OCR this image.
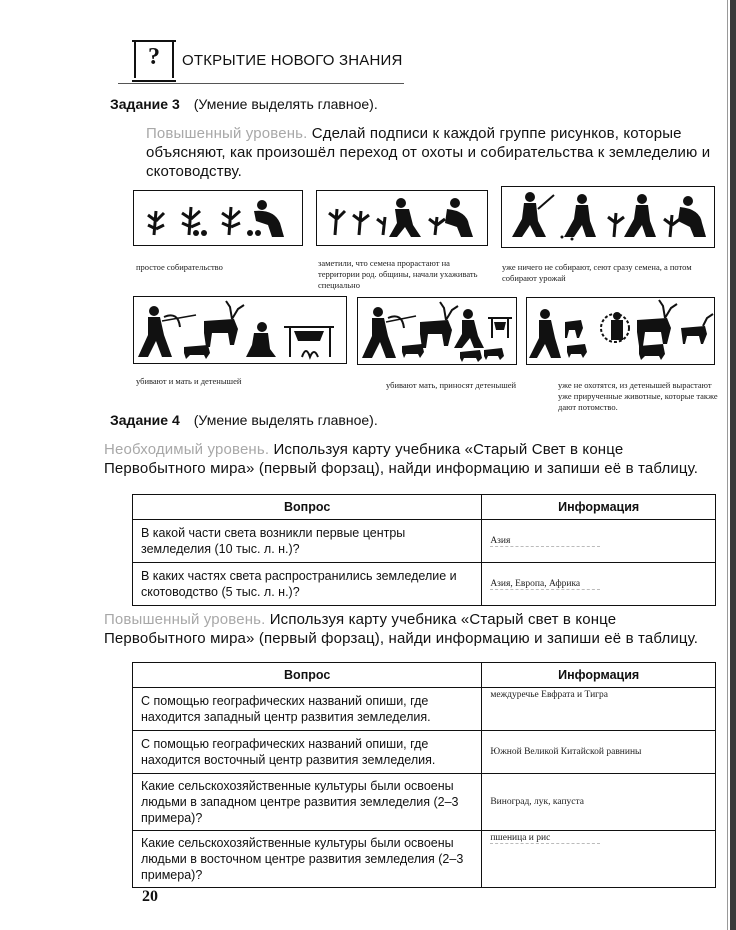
?	ОТКРЫТИЕ НОВОГО ЗНАНИЯ
Задание 3 (Умение выделять главное).
Повышенный уровень. Сделай подписи к каждой группе рисунков, которые объясняют, как произошёл переход от охоты и собирательства к земледелию и скотоводству.
простое собирательство	заметили, что семена прорастают на территории род. общины, начали ухаживать специально
уже ничего не собирают, сеют сразу семена, а потом собирают урожай
убивают и мать и детенышей	убивают мать, приносят детенышей	уже не охотятся, из детенышей вырастают уже прирученные животные, которые также дают потомство.
Задание 4 (Умение выделять главное).
Необходимый уровень. Используя карту учебника «Старый Свет в конце Первобытного мира» (первый форзац), найди информацию и запиши её в таблицу.
Вопрос	Информация
В какой части света возникли первые центры земледелия (10 тыс. л. н.)?	Азия
В каких частях света распространились земледелие и скотоводство (5 тыс. л. н.)?	Азия, Европа, Африка
Повышенный уровень. Используя карту учебника «Старый свет в конце Первобытного мира» (первый форзац), найди информацию и запиши её в таблицу.
Вопрос	Информация
С помощью географических названий опиши, где находится западный центр развития земледелия.	междуречье Евфрата и Тигра
С помощью географических названий опиши, где находится восточный центр развития земледелия.	Южной Великой Китайской равнины
Какие сельскохозяйственные культуры были освоены людьми в западном центре развития земледелия (2–3 примера)?	Виноград, лук, капуста
Какие сельскохозяйственные культуры были освоены людьми в восточном центре развития земледелия (2–3 примера)?	пшеница и рис
20
